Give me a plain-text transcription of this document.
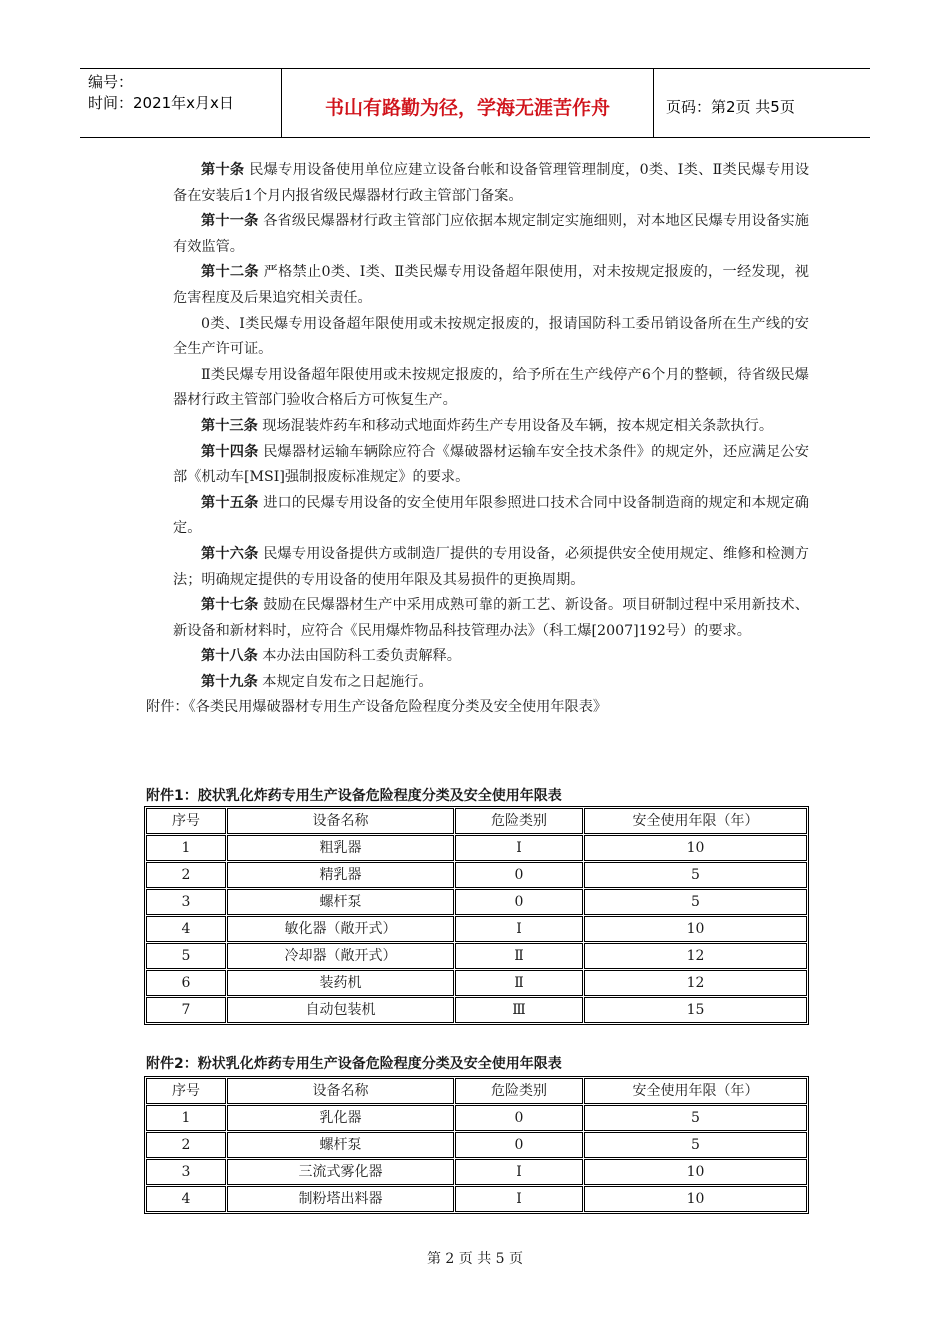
编号：
时间：2021年x月x日	书山有路勤为径，学海无涯苦作舟	页码：第2页 共5页

第十条 民爆专用设备使用单位应建立设备台帐和设备管理管理制度，0类、Ⅰ类、Ⅱ类民爆专用设备在安装后1个月内报省级民爆器材行政主管部门备案。

第十一条 各省级民爆器材行政主管部门应依据本规定制定实施细则，对本地区民爆专用设备实施有效监管。

第十二条 严格禁止0类、Ⅰ类、Ⅱ类民爆专用设备超年限使用，对未按规定报废的，一经发现，视危害程度及后果追究相关责任。

0类、Ⅰ类民爆专用设备超年限使用或未按规定报废的，报请国防科工委吊销设备所在生产线的安全生产许可证。

Ⅱ类民爆专用设备超年限使用或未按规定报废的，给予所在生产线停产6个月的整顿，待省级民爆器材行政主管部门验收合格后方可恢复生产。

第十三条 现场混装炸药车和移动式地面炸药生产专用设备及车辆，按本规定相关条款执行。

第十四条 民爆器材运输车辆除应符合《爆破器材运输车安全技术条件》的规定外，还应满足公安部《机动车[MSI]强制报废标准规定》的要求。

第十五条 进口的民爆专用设备的安全使用年限参照进口技术合同中设备制造商的规定和本规定确定。

第十六条 民爆专用设备提供方或制造厂提供的专用设备，必须提供安全使用规定、维修和检测方法；明确规定提供的专用设备的使用年限及其易损件的更换周期。

第十七条 鼓励在民爆器材生产中采用成熟可靠的新工艺、新设备。项目研制过程中采用新技术、新设备和新材料时，应符合《民用爆炸物品科技管理办法》（科工爆[2007]192号）的要求。

第十八条 本办法由国防科工委负责解释。

第十九条 本规定自发布之日起施行。

附件：《各类民用爆破器材专用生产设备危险程度分类及安全使用年限表》

附件1：胶状乳化炸药专用生产设备危险程度分类及安全使用年限表
序号	设备名称	危险类别	安全使用年限（年）
1	粗乳器	Ⅰ	10
2	精乳器	0	5
3	螺杆泵	0	5
4	敏化器（敞开式）	Ⅰ	10
5	冷却器（敞开式）	Ⅱ	12
6	装药机	Ⅱ	12
7	自动包装机	Ⅲ	15
附件2：粉状乳化炸药专用生产设备危险程度分类及安全使用年限表
序号	设备名称	危险类别	安全使用年限（年）
1	乳化器	0	5
2	螺杆泵	0	5
3	三流式雾化器	Ⅰ	10
4	制粉塔出料器	Ⅰ	10
第 2 页 共 5 页
